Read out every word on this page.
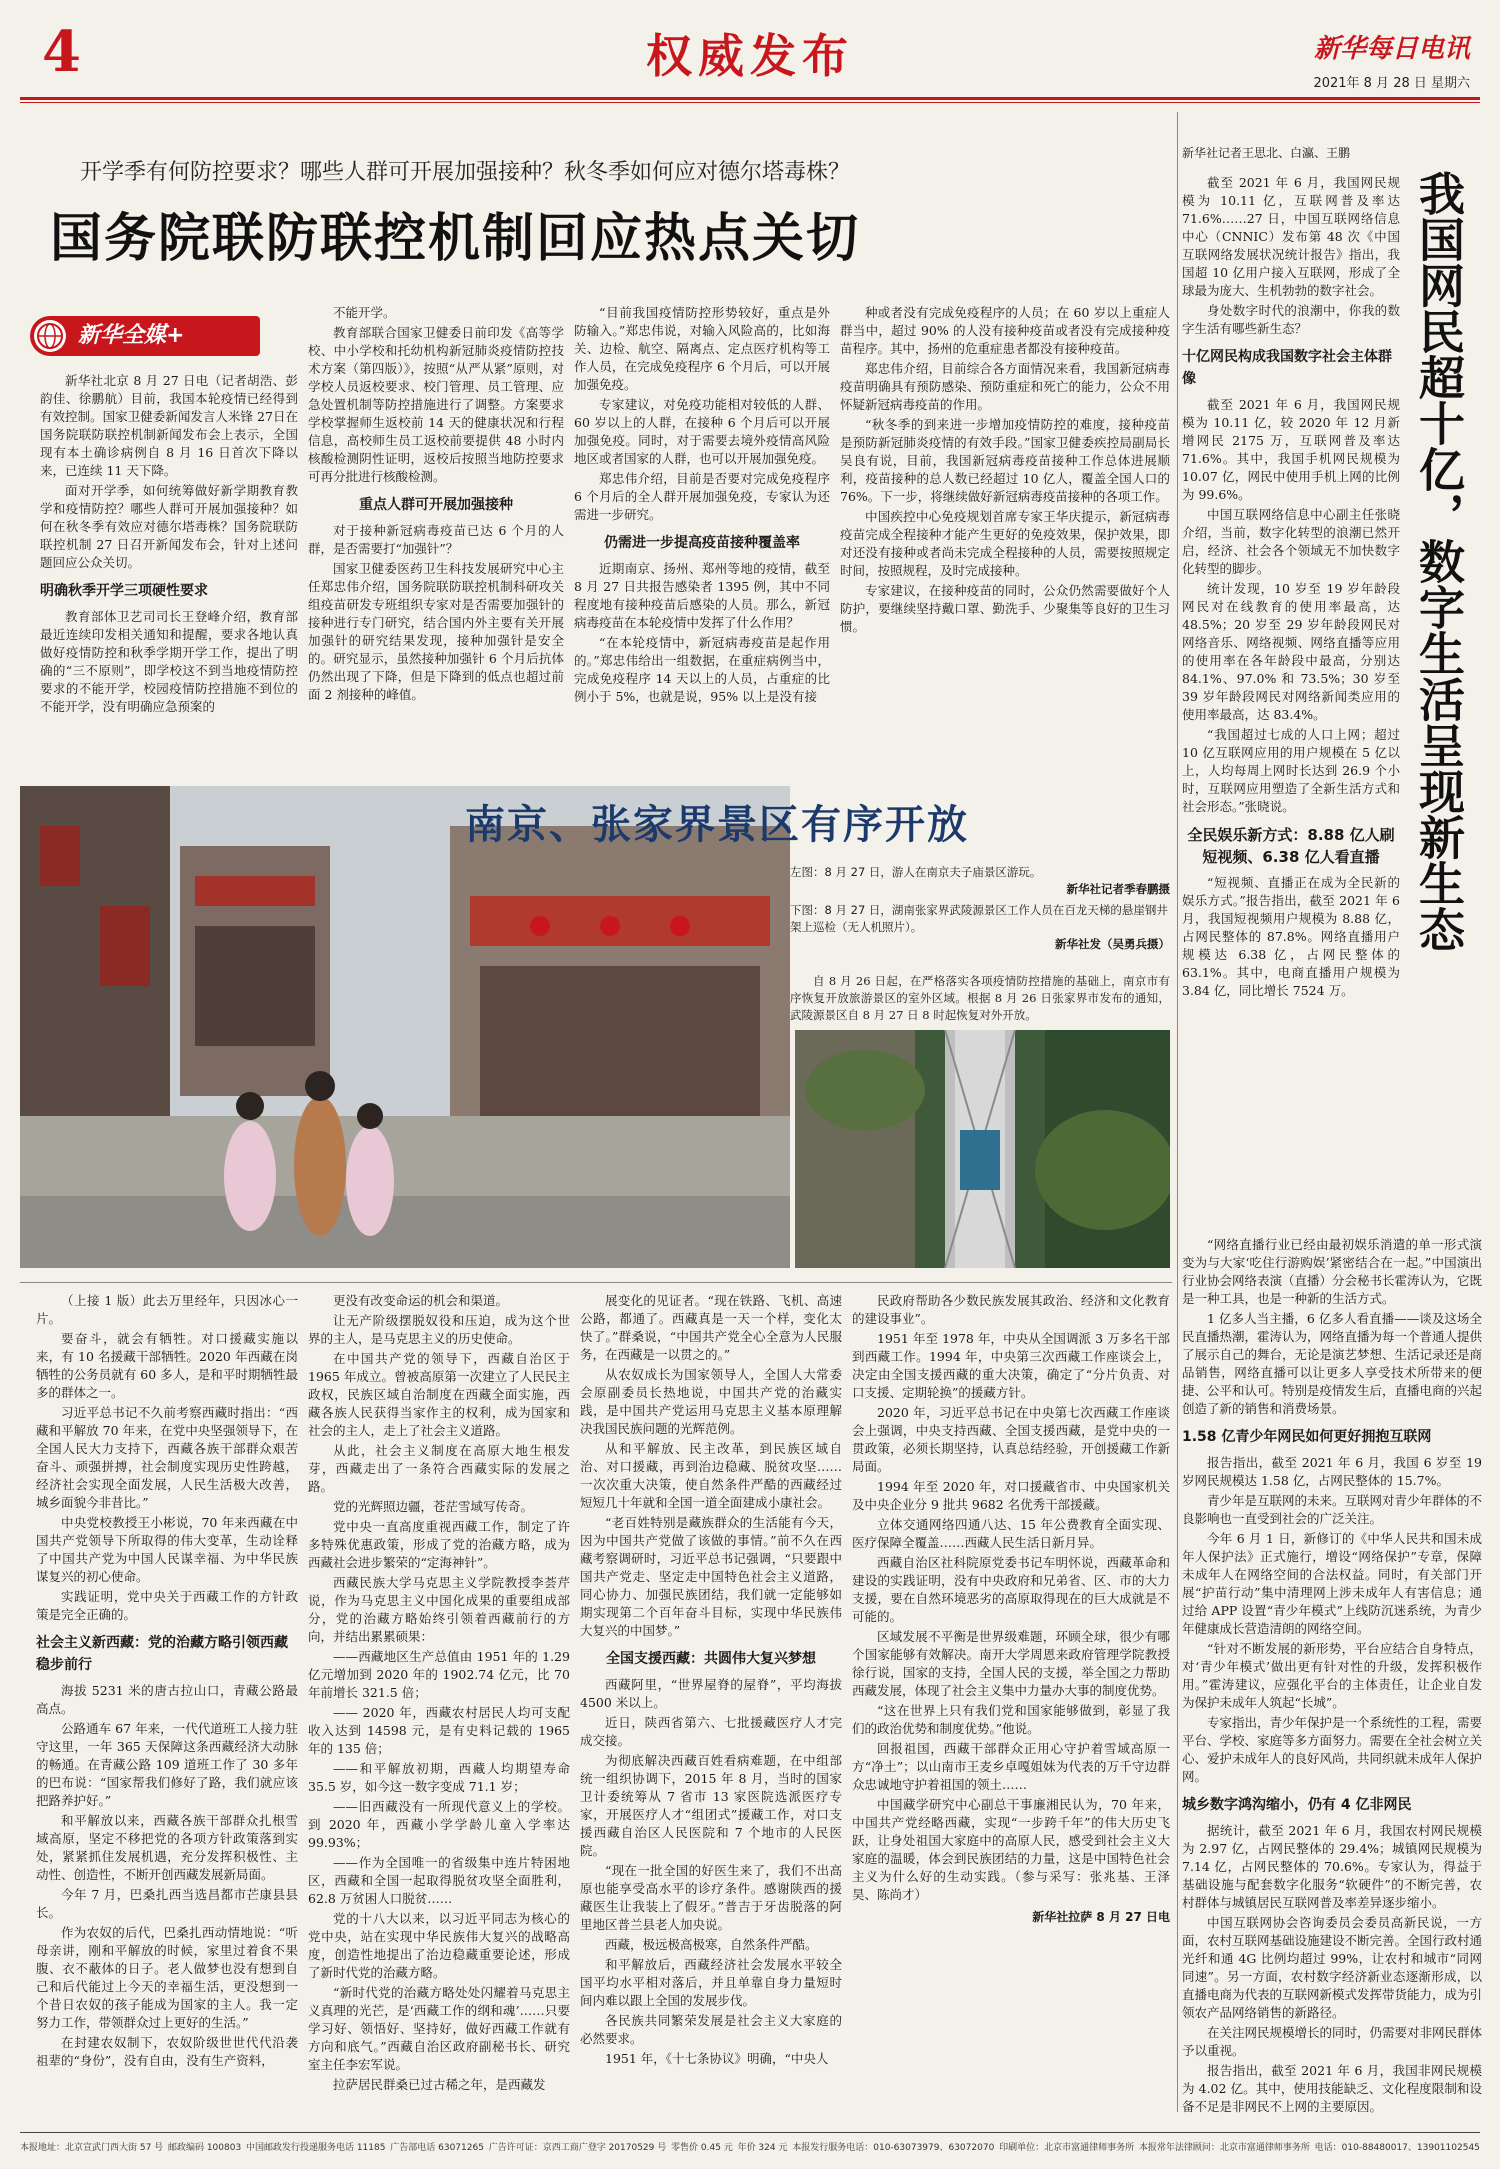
4	权威发布	新华每日电讯
2021年 8 月 28 日 星期六
开学季有何防控要求？哪些人群可开展加强接种？秋冬季如何应对德尔塔毒株？
国务院联防联控机制回应热点关切
新华全媒+

新华社北京 8 月 27 日电（记者胡浩、彭韵佳、徐鹏航）目前，我国本轮疫情已经得到有效控制。国家卫健委新闻发言人米锋 27日在国务院联防联控机制新闻发布会上表示，全国现有本土确诊病例自 8 月 16 日首次下降以来，已连续 11 天下降。

面对开学季，如何统筹做好新学期教育教学和疫情防控？哪些人群可开展加强接种？如何在秋冬季有效应对德尔塔毒株？国务院联防联控机制 27 日召开新闻发布会，针对上述问题回应公众关切。

明确秋季开学三项硬性要求

教育部体卫艺司司长王登峰介绍，教育部最近连续印发相关通知和提醒，要求各地认真做好疫情防控和秋季学期开学工作，提出了明确的“三不原则”，即学校这不到当地疫情防控要求的不能开学，校园疫情防控措施不到位的不能开学，没有明确应急预案的

不能开学。

教育部联合国家卫健委日前印发《高等学校、中小学校和托幼机构新冠肺炎疫情防控技术方案（第四版）》，按照“从严从紧”原则，对学校人员返校要求、校门管理、员工管理、应急处置机制等防控措施进行了调整。方案要求学校掌握师生返校前 14 天的健康状况和行程信息，高校师生员工返校前要提供 48 小时内核酸检测阴性证明，返校后按照当地防控要求可再分批进行核酸检测。

重点人群可开展加强接种

对于接种新冠病毒疫苗已达 6 个月的人群，是否需要打“加强针”？

国家卫健委医药卫生科技发展研究中心主任郑忠伟介绍，国务院联防联控机制科研攻关组疫苗研发专班组织专家对是否需要加强针的接种进行专门研究，结合国内外主要有关开展加强针的研究结果发现，接种加强针是安全的。研究显示，虽然接种加强针 6 个月后抗体仍然出现了下降，但是下降到的低点也超过前面 2 剂接种的峰值。

“目前我国疫情防控形势较好，重点是外防输入。”郑忠伟说，对输入风险高的，比如海关、边检、航空、隔离点、定点医疗机构等工作人员，在完成免疫程序 6 个月后，可以开展加强免疫。

专家建议，对免疫功能相对较低的人群、60 岁以上的人群，在接种 6 个月后可以开展加强免疫。同时，对于需要去境外疫情高风险地区或者国家的人群，也可以开展加强免疫。

郑忠伟介绍，目前是否要对完成免疫程序 6 个月后的全人群开展加强免疫，专家认为还需进一步研究。

仍需进一步提高疫苗接种覆盖率

近期南京、扬州、郑州等地的疫情，截至 8 月 27 日共报告感染者 1395 例，其中不同程度地有接种疫苗后感染的人员。那么，新冠病毒疫苗在本轮疫情中发挥了什么作用？

“在本轮疫情中，新冠病毒疫苗是起作用的。”郑忠伟给出一组数据，在重症病例当中，完成免疫程序 14 天以上的人员，占重症的比例小于 5%，也就是说，95% 以上是没有接

种或者没有完成免疫程序的人员；在 60 岁以上重症人群当中，超过 90% 的人没有接种疫苗或者没有完成接种疫苗程序。其中，扬州的危重症患者都没有接种疫苗。

郑忠伟介绍，目前综合各方面情况来看，我国新冠病毒疫苗明确具有预防感染、预防重症和死亡的能力，公众不用怀疑新冠病毒疫苗的作用。

“秋冬季的到来进一步增加疫情防控的难度，接种疫苗是预防新冠肺炎疫情的有效手段。”国家卫健委疾控局副局长吴良有说，目前，我国新冠病毒疫苗接种工作总体进展顺利，疫苗接种的总人数已经超过 10 亿人，覆盖全国人口的 76%。下一步，将继续做好新冠病毒疫苗接种的各项工作。

中国疾控中心免疫规划首席专家王华庆提示，新冠病毒疫苗完成全程接种才能产生更好的免疫效果，保护效果，即对还没有接种或者尚未完成全程接种的人员，需要按照规定时间，按照规程，及时完成接种。

专家建议，在接种疫苗的同时，公众仍然需要做好个人防护，要继续坚持戴口罩、勤洗手、少聚集等良好的卫生习惯。

南京、张家界景区有序开放
左图：8 月 27 日，游人在南京夫子庙景区游玩。
新华社记者季春鹏摄
下图：8 月 27 日，湖南张家界武陵源景区工作人员在百龙天梯的悬崖钢井架上巡检（无人机照片）。
新华社发（吴勇兵摄）
自 8 月 26 日起，在严格落实各项疫情防控措施的基础上，南京市有序恢复开放旅游景区的室外区域。根据 8 月 26 日张家界市发布的通知，武陵源景区自 8 月 27 日 8 时起恢复对外开放。
新华社记者王思北、白瀛、王鹏
我国网民超十亿，数字生活呈现新生态

截至 2021 年 6 月，我国网民规模为 10.11 亿，互联网普及率达 71.6%……27 日，中国互联网络信息中心（CNNIC）发布第 48 次《中国互联网络发展状况统计报告》指出，我国超 10 亿用户接入互联网，形成了全球最为庞大、生机勃勃的数字社会。

身处数字时代的浪潮中，你我的数字生活有哪些新生态？

十亿网民构成我国数字社会主体群像

截至 2021 年 6 月，我国网民规模为 10.11 亿，较 2020 年 12 月新增网民 2175 万，互联网普及率达 71.6%。其中，我国手机网民规模为 10.07 亿，网民中使用手机上网的比例为 99.6%。

中国互联网络信息中心副主任张晓介绍，当前，数字化转型的浪潮已然开启，经济、社会各个领域无不加快数字化转型的脚步。

统计发现，10 岁至 19 岁年龄段网民对在线教育的使用率最高，达 48.5%；20 岁至 29 岁年龄段网民对网络音乐、网络视频、网络直播等应用的使用率在各年龄段中最高，分别达 84.1%、97.0% 和 73.5%；30 岁至 39 岁年龄段网民对网络新闻类应用的使用率最高，达 83.4%。

“我国超过七成的人口上网；超过 10 亿互联网应用的用户规模在 5 亿以上，人均每周上网时长达到 26.9 个小时，互联网应用塑造了全新生活方式和社会形态。”张晓说。

全民娱乐新方式：8.88 亿人刷短视频、6.38 亿人看直播

“短视频、直播正在成为全民新的娱乐方式。”报告指出，截至 2021 年 6 月，我国短视频用户规模为 8.88 亿，占网民整体的 87.8%。网络直播用户规模达 6.38 亿，占网民整体的 63.1%。其中，电商直播用户规模为 3.84 亿，同比增长 7524 万。

“网络直播行业已经由最初娱乐消遣的单一形式演变为与大家‘吃住行游购娱’紧密结合在一起。”中国演出行业协会网络表演（直播）分会秘书长霍涛认为，它既是一种工具，也是一种新的生活方式。

1 亿多人当主播，6 亿多人看直播——谈及这场全民直播热潮，霍涛认为，网络直播为每一个普通人提供了展示自己的舞台，无论是演艺梦想、生活记录还是商品销售，网络直播可以让更多人享受技术所带来的便捷、公平和认可。特别是疫情发生后，直播电商的兴起创造了新的销售和消费场景。

1.58 亿青少年网民如何更好拥抱互联网

报告指出，截至 2021 年 6 月，我国 6 岁至 19 岁网民规模达 1.58 亿，占网民整体的 15.7%。

青少年是互联网的未来。互联网对青少年群体的不良影响也一直受到社会的广泛关注。

今年 6 月 1 日，新修订的《中华人民共和国未成年人保护法》正式施行，增设“网络保护”专章，保障未成年人在网络空间的合法权益。同时，有关部门开展“护苗行动”集中清理网上涉未成年人有害信息；通过给 APP 设置“青少年模式”上线防沉迷系统，为青少年健康成长营造清朗的网络空间。

“针对不断发展的新形势，平台应结合自身特点，对‘青少年模式’做出更有针对性的升级，发挥积极作用。”霍涛建议，应强化平台的主体责任，让企业自发为保护未成年人筑起“长城”。

专家指出，青少年保护是一个系统性的工程，需要平台、学校、家庭等多方面努力。需要在全社会树立关心、爱护未成年人的良好风尚，共同织就未成年人保护网。

城乡数字鸿沟缩小，仍有 4 亿非网民

据统计，截至 2021 年 6 月，我国农村网民规模为 2.97 亿，占网民整体的 29.4%；城镇网民规模为 7.14 亿，占网民整体的 70.6%。专家认为，得益于基础设施与配套数字化服务“软硬件”的不断完善，农村群体与城镇居民互联网普及率差异逐步缩小。

中国互联网协会咨询委员会委员高新民说，一方面，农村互联网基础设施建设不断完善。全国行政村通光纤和通 4G 比例均超过 99%，让农村和城市“同网同速”。另一方面，农村数字经济新业态逐渐形成，以直播电商为代表的互联网新模式发挥带货能力，成为引领农产品网络销售的新路径。

在关注网民规模增长的同时，仍需要对非网民群体予以重视。

报告指出，截至 2021 年 6 月，我国非网民规模为 4.02 亿。其中，使用技能缺乏、文化程度限制和设备不足是非网民不上网的主要原因。

（上接 1 版）此去万里经年，只因冰心一片。

要奋斗，就会有牺牲。对口援藏实施以来，有 10 名援藏干部牺牲。2020 年西藏在岗牺牲的公务员就有 60 多人，是和平时期牺牲最多的群体之一。

习近平总书记不久前考察西藏时指出：“西藏和平解放 70 年来，在党中央坚强领导下，在全国人民大力支持下，西藏各族干部群众艰苦奋斗、顽强拼搏，社会制度实现历史性跨越，经济社会实现全面发展，人民生活极大改善，城乡面貌今非昔比。”

中央党校教授王小彬说，70 年来西藏在中国共产党领导下所取得的伟大变革，生动诠释了中国共产党为中国人民谋幸福、为中华民族谋复兴的初心使命。

实践证明，党中央关于西藏工作的方针政策是完全正确的。

社会主义新西藏：党的治藏方略引领西藏稳步前行

海拔 5231 米的唐古拉山口，青藏公路最高点。

公路通车 67 年来，一代代道班工人接力驻守这里，一年 365 天保障这条西藏经济大动脉的畅通。在青藏公路 109 道班工作了 30 多年的巴布说：“国家帮我们修好了路，我们就应该把路养护好。”

和平解放以来，西藏各族干部群众扎根雪域高原，坚定不移把党的各项方针政策落到实处，紧紧抓住发展机遇，充分发挥积极性、主动性、创造性，不断开创西藏发展新局面。

今年 7 月，巴桑扎西当选昌都市芒康县县长。

作为农奴的后代，巴桑扎西动情地说：“听母亲讲，刚和平解放的时候，家里过着食不果腹、衣不蔽体的日子。老人做梦也没有想到自己和后代能过上今天的幸福生活，更没想到一个昔日农奴的孩子能成为国家的主人。我一定努力工作，带领群众过上更好的生活。”

在封建农奴制下，农奴阶级世世代代沿袭祖辈的“身份”，没有自由，没有生产资料，

更没有改变命运的机会和渠道。

让无产阶级摆脱奴役和压迫，成为这个世界的主人，是马克思主义的历史使命。

在中国共产党的领导下，西藏自治区于 1965 年成立。曾被高原第一次建立了人民民主政权，民族区域自治制度在西藏全面实施，西藏各族人民获得当家作主的权利，成为国家和社会的主人，走上了社会主义道路。

从此，社会主义制度在高原大地生根发芽，西藏走出了一条符合西藏实际的发展之路。

党的光辉照边疆，苍茫雪域写传奇。

党中央一直高度重视西藏工作，制定了许多特殊优惠政策，形成了党的治藏方略，成为西藏社会进步繁荣的“定海神针”。

西藏民族大学马克思主义学院教授李荟芹说，作为马克思主义中国化成果的重要组成部分，党的治藏方略始终引领着西藏前行的方向，并结出累累硕果：

——西藏地区生产总值由 1951 年的 1.29 亿元增加到 2020 年的 1902.74 亿元，比 70 年前增长 321.5 倍；

—— 2020 年，西藏农村居民人均可支配收入达到 14598 元，是有史料记载的 1965 年的 135 倍；

——和平解放初期，西藏人均期望寿命 35.5 岁，如今这一数字变成 71.1 岁；

——旧西藏没有一所现代意义上的学校。到 2020 年，西藏小学学龄儿童入学率达 99.93%；

——作为全国唯一的省级集中连片特困地区，西藏和全国一起取得脱贫攻坚全面胜利，62.8 万贫困人口脱贫……

党的十八大以来，以习近平同志为核心的党中央，站在实现中华民族伟大复兴的战略高度，创造性地提出了治边稳藏重要论述，形成了新时代党的治藏方略。

“新时代党的治藏方略处处闪耀着马克思主义真理的光芒，是‘西藏工作的纲和魂’……只要学习好、领悟好、坚持好，做好西藏工作就有方向和底气。”西藏自治区政府副秘书长、研究室主任李宏军说。

拉萨居民群桑已过古稀之年，是西藏发

展变化的见证者。“现在铁路、飞机、高速公路，都通了。西藏真是一天一个样，变化太快了。”群桑说，“中国共产党全心全意为人民服务，在西藏是一以贯之的。”

从农奴成长为国家领导人，全国人大常委会原副委员长热地说，中国共产党的治藏实践，是中国共产党运用马克思主义基本原理解决我国民族问题的光辉范例。

从和平解放、民主改革，到民族区域自治、对口援藏，再到治边稳藏、脱贫攻坚……一次次重大决策，使自然条件严酷的西藏经过短短几十年就和全国一道全面建成小康社会。

“老百姓特别是藏族群众的生活能有今天，因为中国共产党做了该做的事情。”前不久在西藏考察调研时，习近平总书记强调，“只要跟中国共产党走、坚定走中国特色社会主义道路，同心协力、加强民族团结，我们就一定能够如期实现第二个百年奋斗目标，实现中华民族伟大复兴的中国梦。”

全国支援西藏：共圆伟大复兴梦想

西藏阿里，“世界屋脊的屋脊”，平均海拔 4500 米以上。

近日，陕西省第六、七批援藏医疗人才完成交接。

为彻底解决西藏百姓看病难题，在中组部统一组织协调下，2015 年 8 月，当时的国家卫计委统筹从 7 省市 13 家医院选派医疗专家，开展医疗人才“组团式”援藏工作，对口支援西藏自治区人民医院和 7 个地市的人民医院。

“现在一批全国的好医生来了，我们不出高原也能享受高水平的诊疗条件。感谢陕西的援藏医生让我装上了假牙。”普吉于牙齿脱落的阿里地区普兰县老人加央说。

西藏，极远极高极寒，自然条件严酷。

和平解放后，西藏经济社会发展水平较全国平均水平相对落后，并且单靠自身力量短时间内难以跟上全国的发展步伐。

各民族共同繁荣发展是社会主义大家庭的必然要求。

1951 年，《十七条协议》明确，“中央人

民政府帮助各少数民族发展其政治、经济和文化教育的建设事业”。

1951 年至 1978 年，中央从全国调派 3 万多名干部到西藏工作。1994 年，中央第三次西藏工作座谈会上，决定由全国支援西藏的重大决策，确定了“分片负责、对口支援、定期轮换”的援藏方针。

2020 年，习近平总书记在中央第七次西藏工作座谈会上强调，中央支持西藏、全国支援西藏，是党中央的一贯政策，必须长期坚持，认真总结经验，开创援藏工作新局面。

1994 年至 2020 年，对口援藏省市、中央国家机关及中央企业分 9 批共 9682 名优秀干部援藏。

立体交通网络四通八达、15 年公费教育全面实现、医疗保障全覆盖……西藏人民生活日新月异。

西藏自治区社科院原党委书记车明怀说，西藏革命和建设的实践证明，没有中央政府和兄弟省、区、市的大力支援，要在自然环境恶劣的高原取得现在的巨大成就是不可能的。

区域发展不平衡是世界级难题，环顾全球，很少有哪个国家能够有效解决。南开大学周恩来政府管理学院教授徐行说，国家的支持，全国人民的支援，举全国之力帮助西藏发展，体现了社会主义集中力量办大事的制度优势。

“这在世界上只有我们党和国家能够做到，彰显了我们的政治优势和制度优势。”他说。

回报祖国，西藏干部群众正用心守护着雪域高原一方“净土”；以山南市王麦乡卓嘎姐妹为代表的万千守边群众忠诚地守护着祖国的领土……

中国藏学研究中心副总干事廉湘民认为，70 年来，中国共产党经略西藏，实现“一步跨千年”的伟大历史飞跃，让身处祖国大家庭中的高原人民，感受到社会主义大家庭的温暖，体会到民族团结的力量，这是中国特色社会主义为什么好的生动实践。（参与采写：张兆基、王泽昊、陈尚才）

新华社拉萨 8 月 27 日电
本报地址：北京宣武门西大街 57 号 邮政编码 100803 中国邮政发行投递服务电话 11185 广告部电话 63071265 广告许可证：京西工商广登字 20170529 号 零售价 0.45 元 年价 324 元 本报发行服务电话：010-63073979、63072070 印刷单位：北京市富通律师事务所 本报常年法律顾问：北京市富通律师事务所 电话：010-88480017、13901102545
